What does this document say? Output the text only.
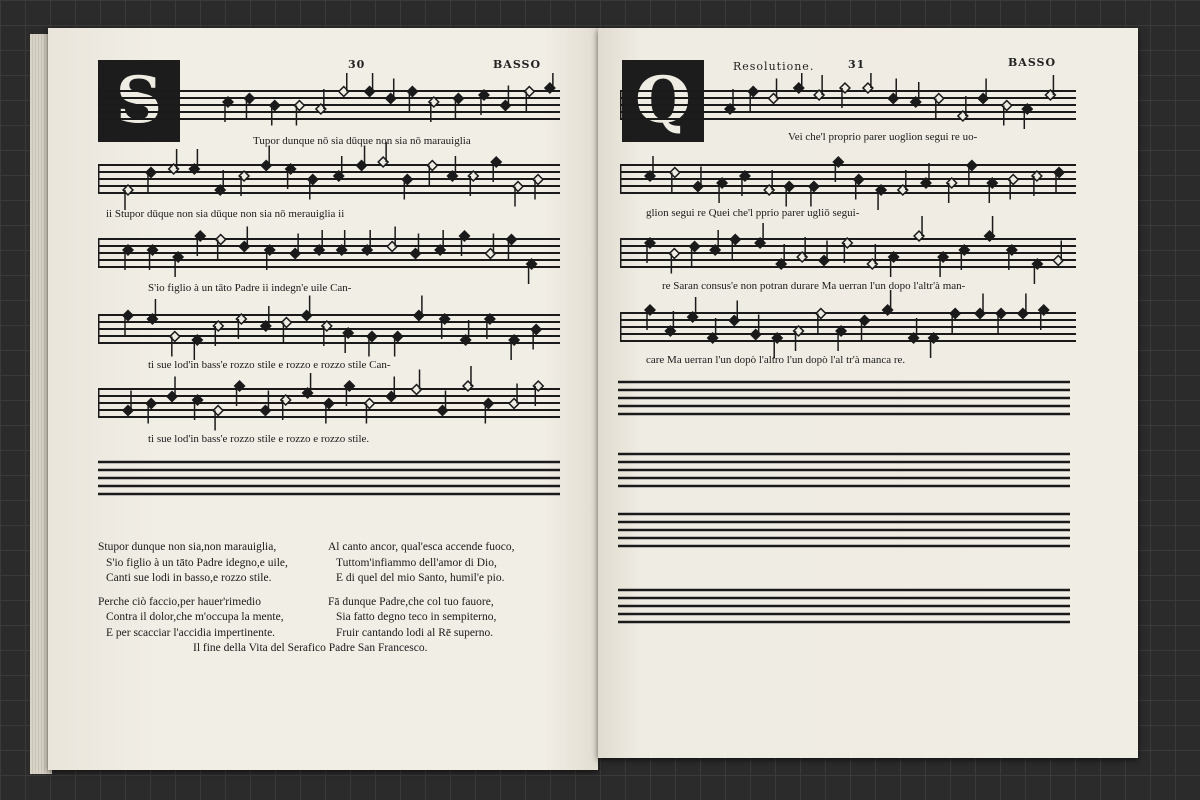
30	BASSO
S
Tupor dunque nō sia dūque non sia nō marauiglia
ii Stupor dūque non sia dūque non sia nō merauiglia ii
S'io figlio à un tāto Padre ii indegn'e uile Can-
ti sue lod'in bass'e rozzo stile e rozzo e rozzo stile Can-
ti sue lod'in bass'e rozzo stile e rozzo e rozzo stile.
Stupor dunque non sia,non marauiglia,
S'io figlio à un tāto Padre idegno,e uile,
Canti sue lodi in basso,e rozzo stile.
Perche ciò faccio,per hauer'rimedio
Contra il dolor,che m'occupa la mente,
E per scacciar l'accidia impertinente.
Al canto ancor, qual'esca accende fuoco,
Tuttom'infiammo dell'amor di Dio,
E di quel del mio Santo, humil'e pio.
Fā dunque Padre,che col tuo fauore,
Sia fatto degno teco in sempiterno,
Fruir cantando lodi al Rē superno.
Il fine della Vita del Serafico Padre San Francesco.
Resolutione.	31	BASSO
Q	Vei che'l proprio parer uoglion segui re uo-
glion segui re Quei che'l pprio parer ugliō segui-
re Saran consus'e non potran durare Ma uerran l'un dopo l'altr'à man-
care Ma uerran l'un dopò l'altro l'un dopò l'al tr'à manca re.
